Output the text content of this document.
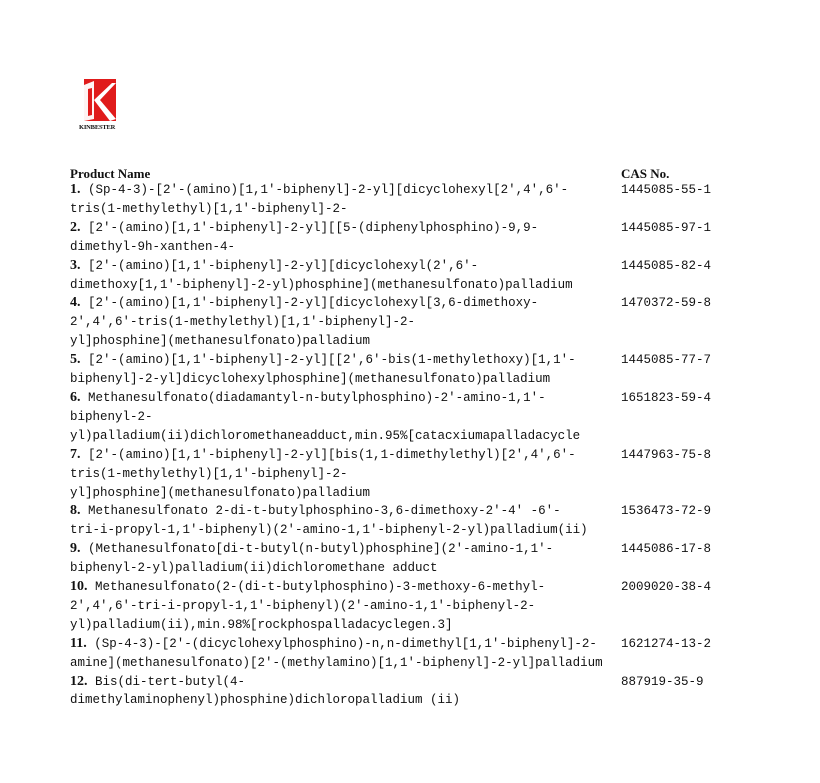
KINBESTER
Product Name	CAS No.
1. (Sp-4-3)-[2'-(amino)[1,1'-biphenyl]-2-yl][dicyclohexyl[2',4',6'-
tris(1-methylethyl)[1,1'-biphenyl]-2-
1445085-55-1
2. [2'-(amino)[1,1'-biphenyl]-2-yl][[5-(diphenylphosphino)-9,9-
dimethyl-9h-xanthen-4-
1445085-97-1
3. [2'-(amino)[1,1'-biphenyl]-2-yl][dicyclohexyl(2',6'-
dimethoxy[1,1'-biphenyl]-2-yl)phosphine](methanesulfonato)palladium
1445085-82-4
4. [2'-(amino)[1,1'-biphenyl]-2-yl][dicyclohexyl[3,6-dimethoxy-
2',4',6'-tris(1-methylethyl)[1,1'-biphenyl]-2-
yl]phosphine](methanesulfonato)palladium
1470372-59-8
5. [2'-(amino)[1,1'-biphenyl]-2-yl][[2',6'-bis(1-methylethoxy)[1,1'-
biphenyl]-2-yl]dicyclohexylphosphine](methanesulfonato)palladium
1445085-77-7
6. Methanesulfonato(diadamantyl-n-butylphosphino)-2'-amino-1,1'-
biphenyl-2-
yl)palladium(ii)dichloromethaneadduct,min.95%[catacxiumapalladacycle
1651823-59-4
7. [2'-(amino)[1,1'-biphenyl]-2-yl][bis(1,1-dimethylethyl)[2',4',6'-
tris(1-methylethyl)[1,1'-biphenyl]-2-
yl]phosphine](methanesulfonato)palladium
1447963-75-8
8. Methanesulfonato 2-di-t-butylphosphino-3,6-dimethoxy-2'-4' -6'-
tri-i-propyl-1,1'-biphenyl)(2'-amino-1,1'-biphenyl-2-yl)palladium(ii)
1536473-72-9
9. (Methanesulfonato[di-t-butyl(n-butyl)phosphine](2'-amino-1,1'-
biphenyl-2-yl)palladium(ii)dichloromethane adduct
1445086-17-8
10. Methanesulfonato(2-(di-t-butylphosphino)-3-methoxy-6-methyl-
2',4',6'-tri-i-propyl-1,1'-biphenyl)(2'-amino-1,1'-biphenyl-2-
yl)palladium(ii),min.98%[rockphospalladacyclegen.3]
2009020-38-4
11. (Sp-4-3)-[2'-(dicyclohexylphosphino)-n,n-dimethyl[1,1'-biphenyl]-2-
amine](methanesulfonato)[2'-(methylamino)[1,1'-biphenyl]-2-yl]palladium
1621274-13-2
12. Bis(di-tert-butyl(4-
dimethylaminophenyl)phosphine)dichloropalladium (ii)
887919-35-9
